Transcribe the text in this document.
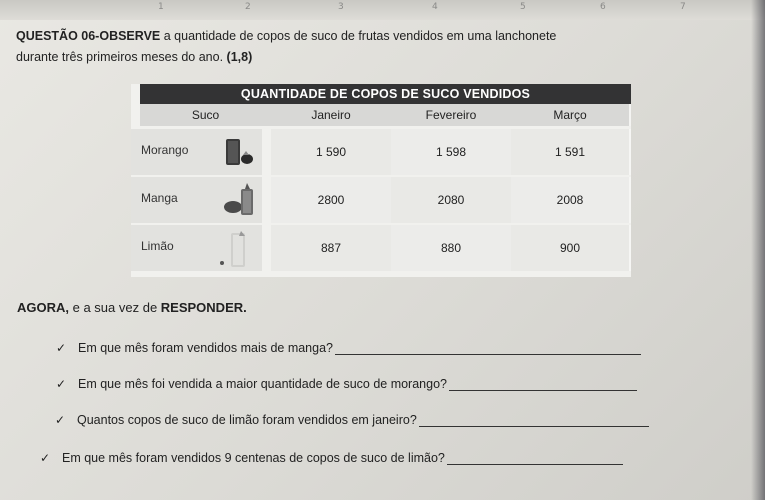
1	2	3	4	5	6	7
QUESTÃO 06-OBSERVE a quantidade de copos de suco de frutas vendidos em uma lanchonete
durante três primeiros meses do ano. (1,8)
QUANTIDADE DE COPOS DE SUCO VENDIDOS
Suco	Janeiro	Fevereiro	Março
Morango	1 590	1 598	1 591
Manga	2800	2080	2008
Limão	887	880	900
AGORA, e a sua vez de RESPONDER.
✓ Em que mês foram vendidos mais de manga?
✓ Em que mês foi vendida a maior quantidade de suco de morango?
✓ Quantos copos de suco de limão foram vendidos em janeiro?
✓ Em que mês foram vendidos 9 centenas de copos de suco de limão?
